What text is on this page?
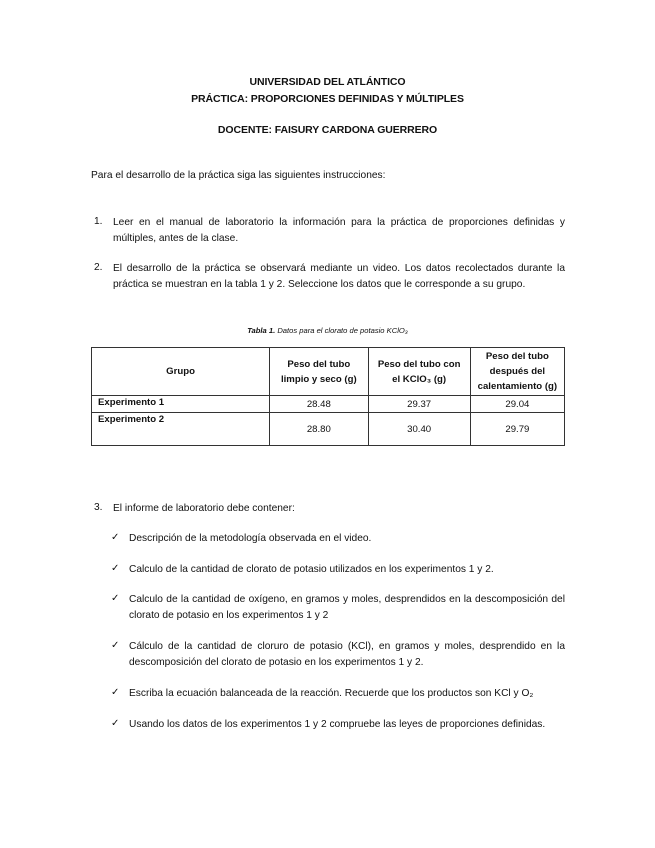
UNIVERSIDAD DEL ATLÁNTICO
PRÁCTICA: PROPORCIONES DEFINIDAS Y MÚLTIPLES
DOCENTE: FAISURY CARDONA GUERRERO
Para el desarrollo de la práctica siga las siguientes instrucciones:
1. Leer en el manual de laboratorio la información para la práctica de proporciones definidas y múltiples, antes de la clase.
2. El desarrollo de la práctica se observará mediante un video. Los datos recolectados durante la práctica se muestran en la tabla 1 y 2. Seleccione los datos que le corresponde a su grupo.
Tabla 1. Datos para el clorato de potasio KClO₃
Grupo	Peso del tubo limpio y seco (g)	Peso del tubo con el KClO₃ (g)	Peso del tubo después del calentamiento (g)
Experimento 1	28.48	29.37	29.04
Experimento 2	28.80	30.40	29.79
3. El informe de laboratorio debe contener:
✓ Descripción de la metodología observada en el video.
✓ Calculo de la cantidad de clorato de potasio utilizados en los experimentos 1 y 2.
✓ Calculo de la cantidad de oxígeno, en gramos y moles, desprendidos en la descomposición del clorato de potasio en los experimentos 1 y 2
✓ Cálculo de la cantidad de cloruro de potasio (KCl), en gramos y moles, desprendido en la descomposición del clorato de potasio en los experimentos 1 y 2.
✓ Escriba la ecuación balanceada de la reacción. Recuerde que los productos son KCl y O₂
✓ Usando los datos de los experimentos 1 y 2 compruebe las leyes de proporciones definidas.
